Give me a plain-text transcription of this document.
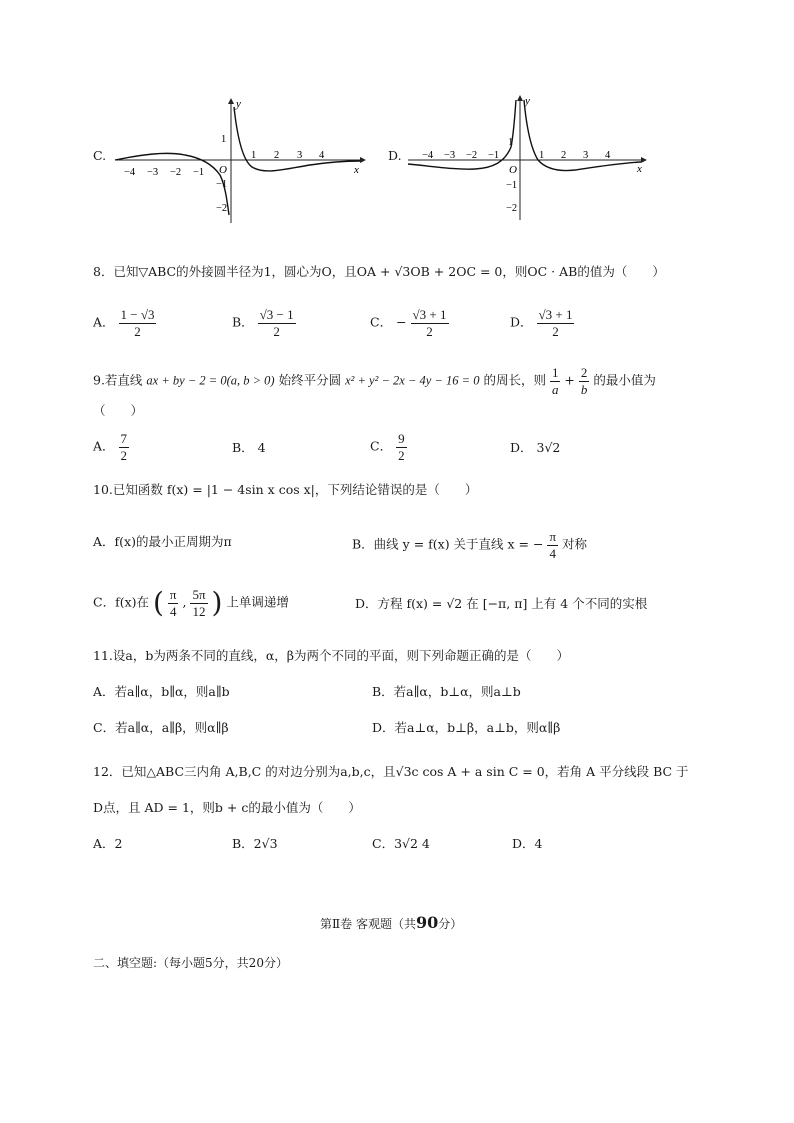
C.
y
x
O
−4 −3 −2 −1
1 2 3 4
1
−1
−2
D.
y
x
O
−4 −3 −2 −1	1 2 3 4
1
−1
−2
8．已知▽ABC的外接圆半径为1，圆心为O，且OA + √3OB + 2OC = 0，则OC · AB的值为（　　）
A． $\frac{1 - √3}{2}$	B． $\frac{√3 - 1}{2}$	C． − $\frac{√3 + 1}{2}$	D． $\frac{√3 + 1}{2}$
9.若直线 ax + by − 2 = 0(a, b > 0) 始终平分圆 x² + y² − 2x − 4y − 16 = 0 的周长，则 $\frac{1}{a} + \frac{2}{b}$ 的最小值为
（　　）
A． $\frac{7}{2}$	B． 4	C． $\frac{9}{2}$	D． 3√2
10.已知函数 f(x) = |1 − 4sin x cos x|，下列结论错误的是（　　）
A．f(x)的最小正周期为π	B．曲线 y = f(x) 关于直线 x = − $\frac{\pi}{4}$ 对称
C．f(x)在 ( $\frac{\pi}{4}$ , $\frac{5\pi}{12}$ ) 上单调递增	D．方程 f(x) = √2 在 [−π, π] 上有 4 个不同的实根
11.设a，b为两条不同的直线，α，β为两个不同的平面，则下列命题正确的是（　　）
A．若a∥α，b∥α，则a∥b	B．若a∥α，b⊥α，则a⊥b
C．若a∥α，a∥β，则α∥β	D．若a⊥α，b⊥β，a⊥b，则α∥β
12．已知△ABC三内角 A,B,C 的对边分别为a,b,c，且√3c cos A + a sin C = 0，若角 A 平分线段 BC 于
D点，且 AD = 1，则b + c的最小值为（　　）
A．2	B．2√3	C．3√2 4	D．4
第Ⅱ卷 客观题（共90分）
二、填空题:（每小题5分，共20分）
